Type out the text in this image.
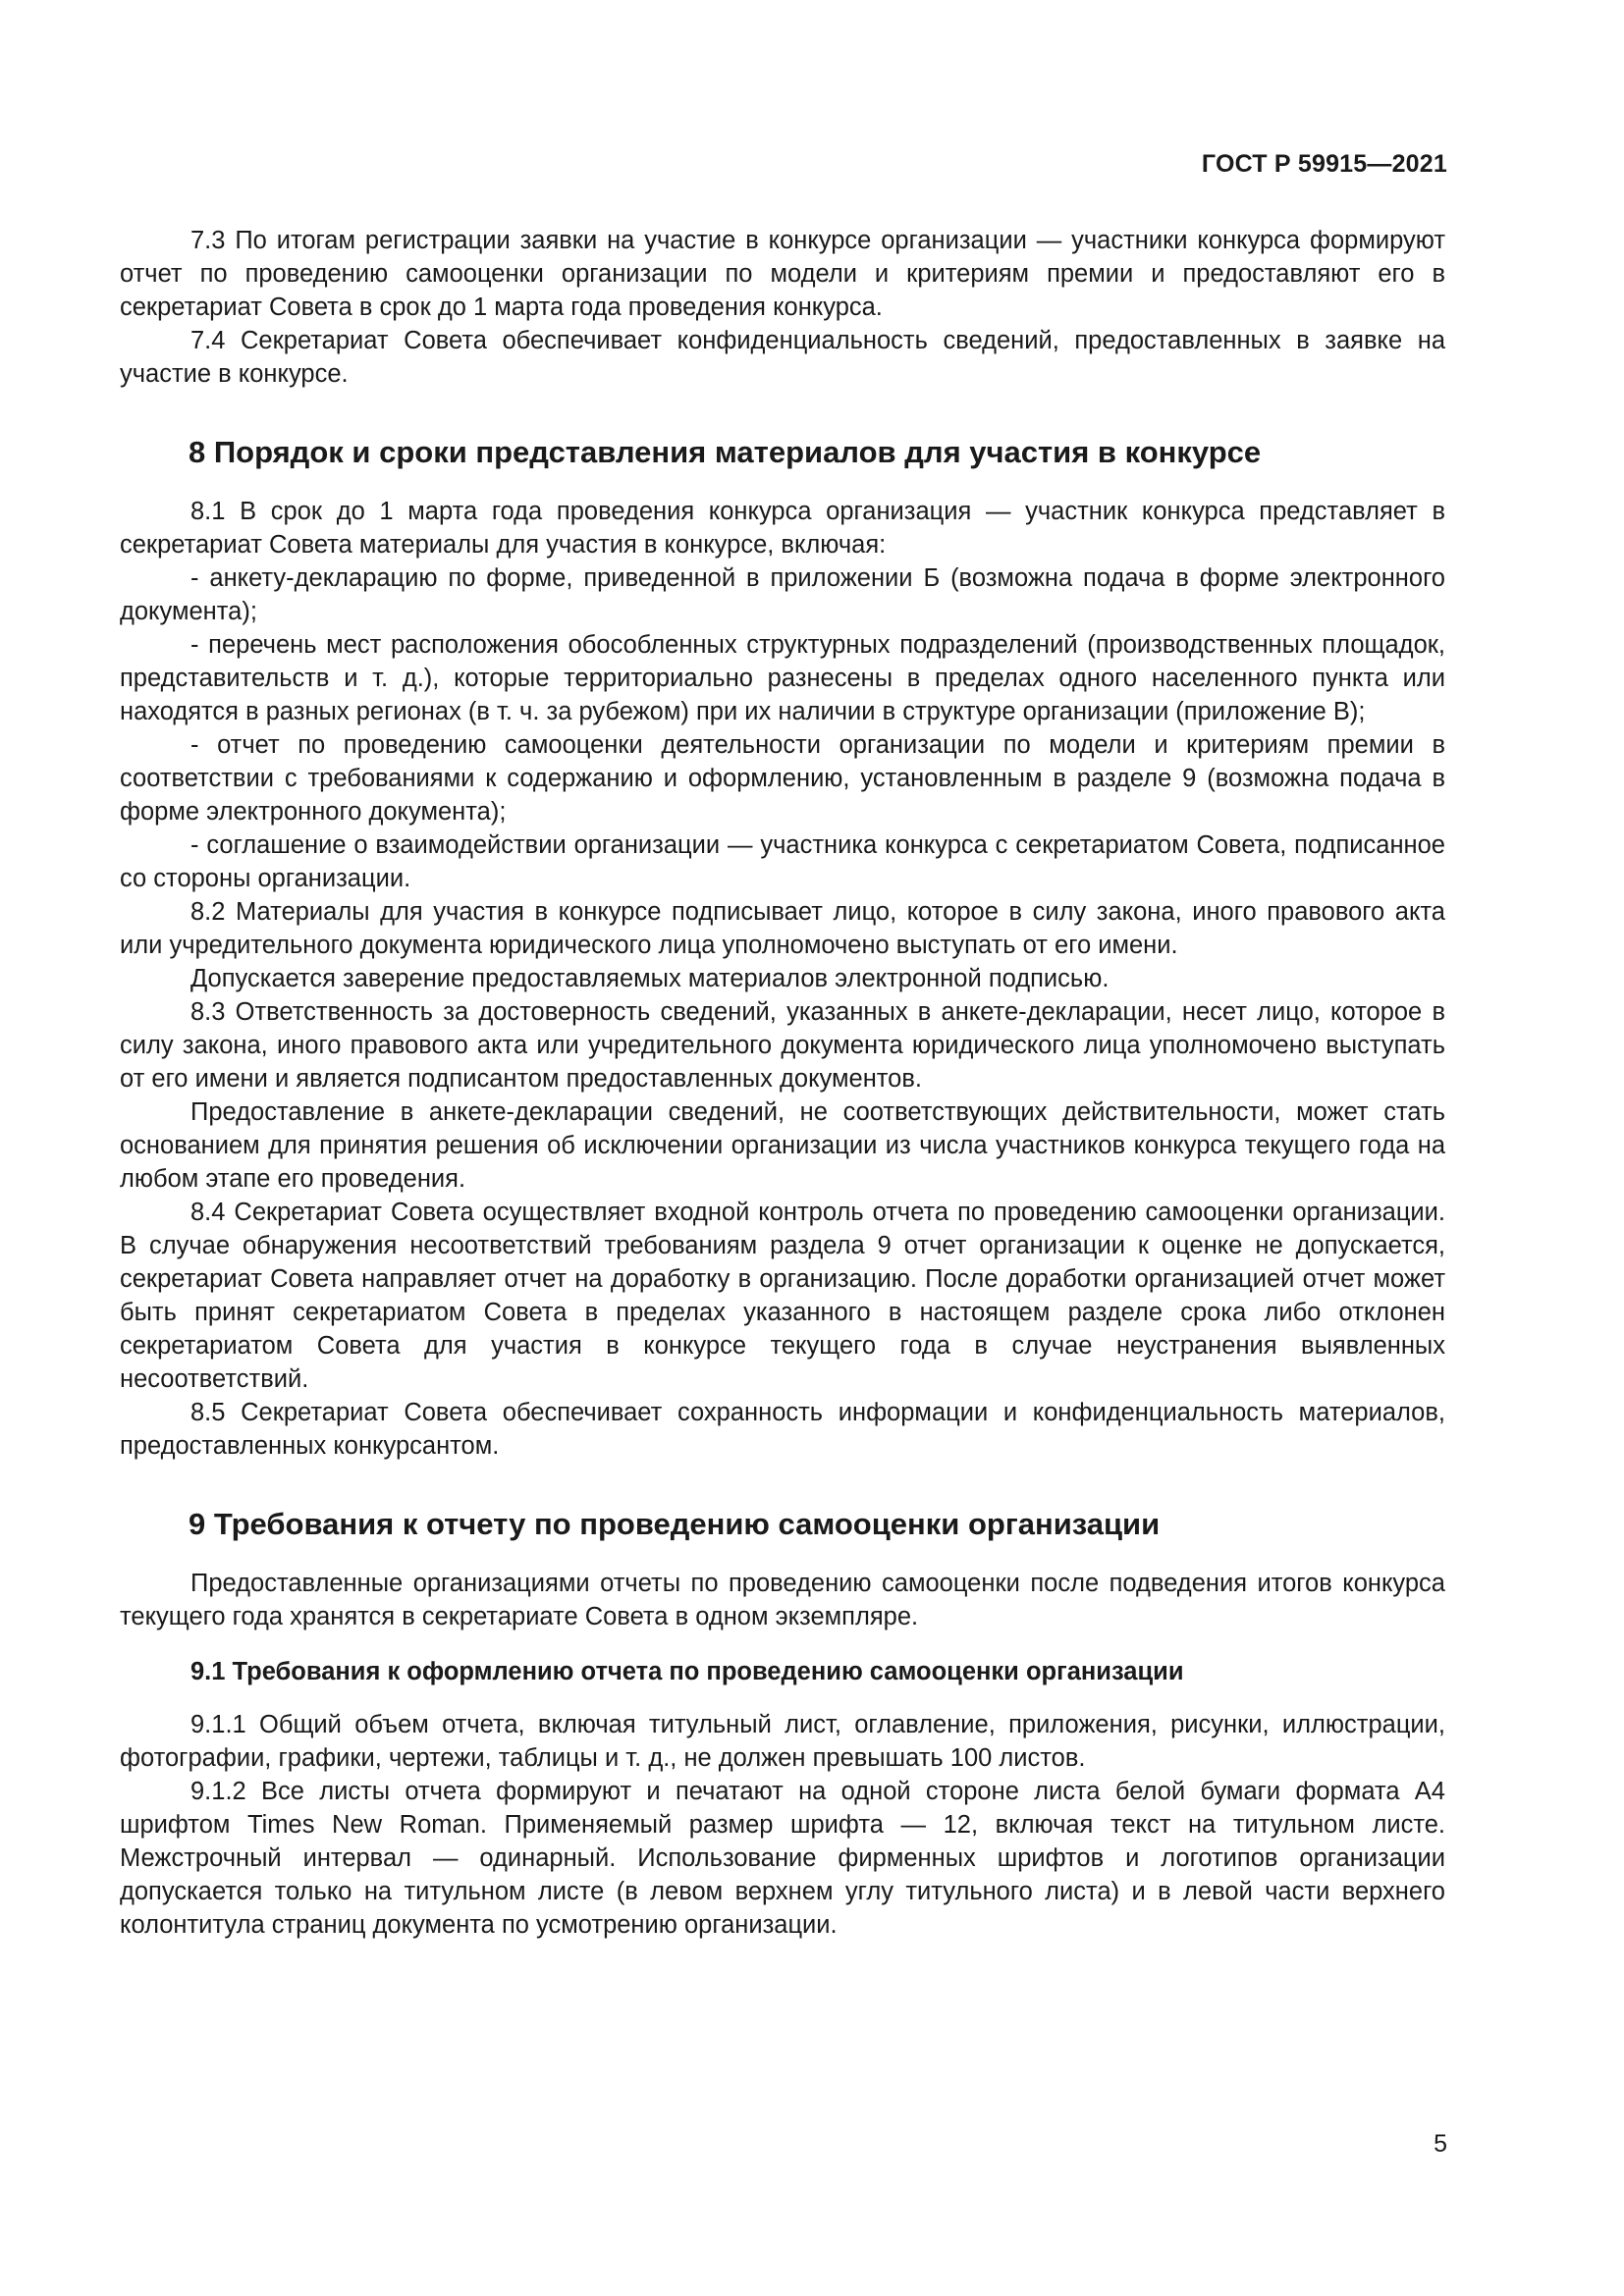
ГОСТ Р 59915—2021

7.3 По итогам регистрации заявки на участие в конкурсе организации — участники конкурса формируют отчет по проведению самооценки организации по модели и критериям премии и предоставляют его в секретариат Совета в срок до 1 марта года проведения конкурса.

7.4 Секретариат Совета обеспечивает конфиденциальность сведений, предоставленных в заявке на участие в конкурсе.

8 Порядок и сроки представления материалов для участия в конкурсе

8.1 В срок до 1 марта года проведения конкурса организация — участник конкурса представляет в секретариат Совета материалы для участия в конкурсе, включая:

- анкету-декларацию по форме, приведенной в приложении Б (возможна подача в форме электронного документа);

- перечень мест расположения обособленных структурных подразделений (производственных площадок, представительств и т. д.), которые территориально разнесены в пределах одного населенного пункта или находятся в разных регионах (в т. ч. за рубежом) при их наличии в структуре организации (приложение В);

- отчет по проведению самооценки деятельности организации по модели и критериям премии в соответствии с требованиями к содержанию и оформлению, установленным в разделе 9 (возможна подача в форме электронного документа);

- соглашение о взаимодействии организации — участника конкурса с секретариатом Совета, подписанное со стороны организации.

8.2 Материалы для участия в конкурсе подписывает лицо, которое в силу закона, иного правового акта или учредительного документа юридического лица уполномочено выступать от его имени.

Допускается заверение предоставляемых материалов электронной подписью.

8.3 Ответственность за достоверность сведений, указанных в анкете-декларации, несет лицо, которое в силу закона, иного правового акта или учредительного документа юридического лица уполномочено выступать от его имени и является подписантом предоставленных документов.

Предоставление в анкете-декларации сведений, не соответствующих действительности, может стать основанием для принятия решения об исключении организации из числа участников конкурса текущего года на любом этапе его проведения.

8.4 Секретариат Совета осуществляет входной контроль отчета по проведению самооценки организации. В случае обнаружения несоответствий требованиям раздела 9 отчет организации к оценке не допускается, секретариат Совета направляет отчет на доработку в организацию. После доработки организацией отчет может быть принят секретариатом Совета в пределах указанного в настоящем разделе срока либо отклонен секретариатом Совета для участия в конкурсе текущего года в случае неустранения выявленных несоответствий.

8.5 Секретариат Совета обеспечивает сохранность информации и конфиденциальность материалов, предоставленных конкурсантом.

9 Требования к отчету по проведению самооценки организации

Предоставленные организациями отчеты по проведению самооценки после подведения итогов конкурса текущего года хранятся в секретариате Совета в одном экземпляре.

9.1 Требования к оформлению отчета по проведению самооценки организации

9.1.1 Общий объем отчета, включая титульный лист, оглавление, приложения, рисунки, иллюстрации, фотографии, графики, чертежи, таблицы и т. д., не должен превышать 100 листов.

9.1.2 Все листы отчета формируют и печатают на одной стороне листа белой бумаги формата А4 шрифтом Times New Roman. Применяемый размер шрифта — 12, включая текст на титульном листе. Межстрочный интервал — одинарный. Использование фирменных шрифтов и логотипов организации допускается только на титульном листе (в левом верхнем углу титульного листа) и в левой части верхнего колонтитула страниц документа по усмотрению организации.

5
